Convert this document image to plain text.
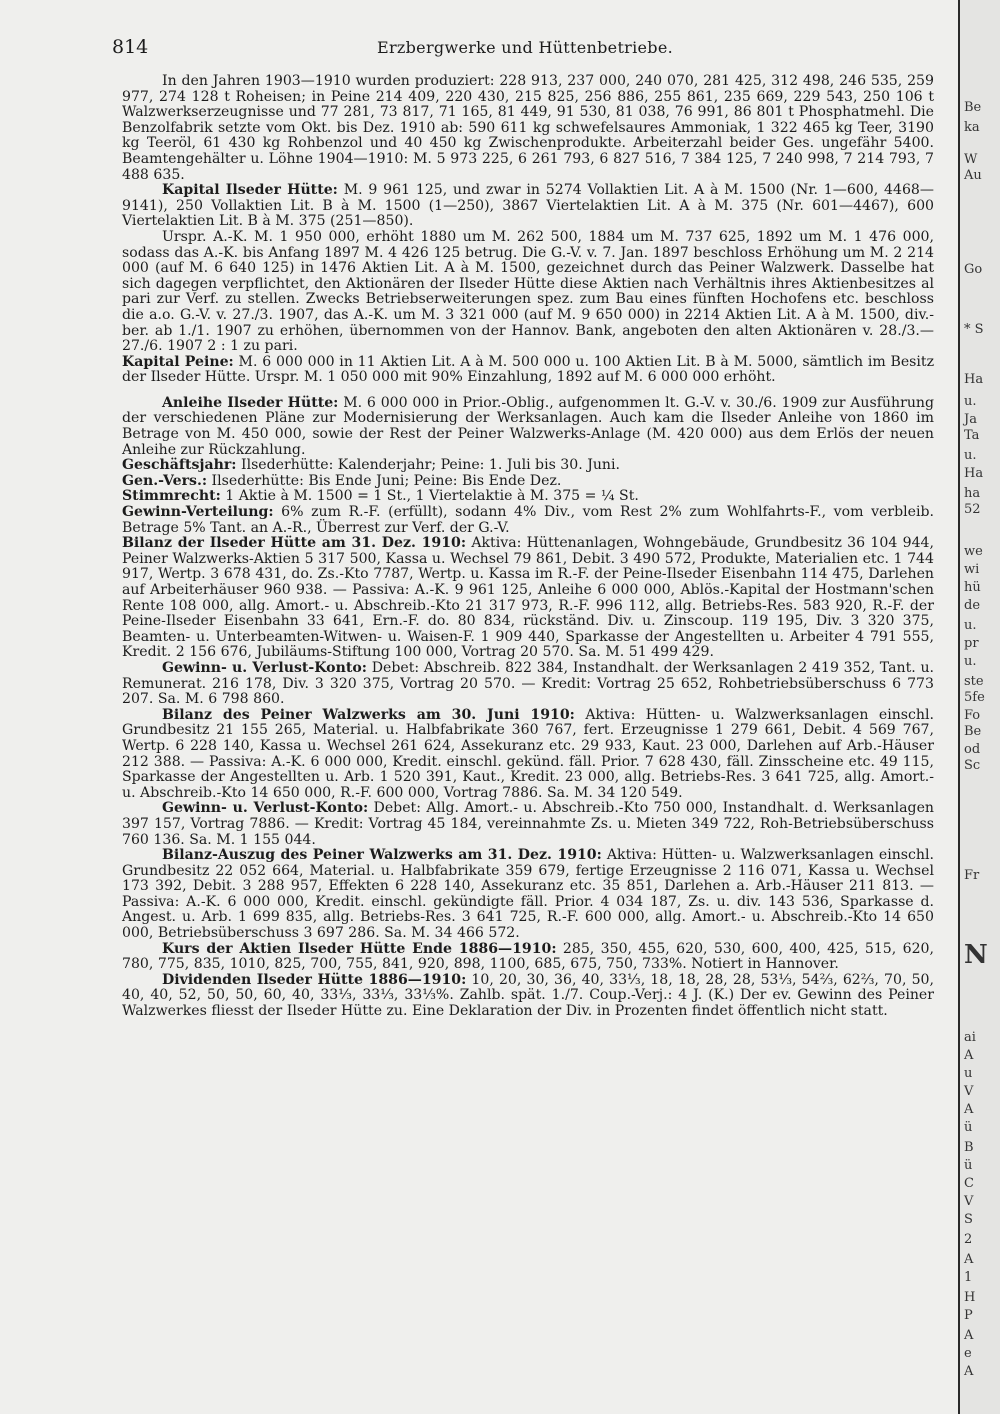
814	Erzbergwerke und Hüttenbetriebe.

In den Jahren 1903—1910 wurden produziert: 228 913, 237 000, 240 070, 281 425, 312 498, 246 535, 259 977, 274 128 t Roheisen; in Peine 214 409, 220 430, 215 825, 256 886, 255 861, 235 669, 229 543, 250 106 t Walzwerkserzeugnisse und 77 281, 73 817, 71 165, 81 449, 91 530, 81 038, 76 991, 86 801 t Phosphatmehl. Die Benzolfabrik setzte vom Okt. bis Dez. 1910 ab: 590 611 kg schwefelsaures Ammoniak, 1 322 465 kg Teer, 3190 kg Teeröl, 61 430 kg Rohbenzol und 40 450 kg Zwischenprodukte. Arbeiterzahl beider Ges. ungefähr 5400. Beamtengehälter u. Löhne 1904—1910: M. 5 973 225, 6 261 793, 6 827 516, 7 384 125, 7 240 998, 7 214 793, 7 488 635.

Kapital Ilseder Hütte: M. 9 961 125, und zwar in 5274 Vollaktien Lit. A à M. 1500 (Nr. 1—600, 4468—9141), 250 Vollaktien Lit. B à M. 1500 (1—250), 3867 Viertelaktien Lit. A à M. 375 (Nr. 601—4467), 600 Viertelaktien Lit. B à M. 375 (251—850).

Urspr. A.-K. M. 1 950 000, erhöht 1880 um M. 262 500, 1884 um M. 737 625, 1892 um M. 1 476 000, sodass das A.-K. bis Anfang 1897 M. 4 426 125 betrug. Die G.-V. v. 7. Jan. 1897 beschloss Erhöhung um M. 2 214 000 (auf M. 6 640 125) in 1476 Aktien Lit. A à M. 1500, gezeichnet durch das Peiner Walzwerk. Dasselbe hat sich dagegen verpflichtet, den Aktionären der Ilseder Hütte diese Aktien nach Verhältnis ihres Aktienbesitzes al pari zur Verf. zu stellen. Zwecks Betriebserweiterungen spez. zum Bau eines fünften Hochofens etc. beschloss die a.o. G.-V. v. 27./3. 1907, das A.-K. um M. 3 321 000 (auf M. 9 650 000) in 2214 Aktien Lit. A à M. 1500, div.-ber. ab 1./1. 1907 zu erhöhen, übernommen von der Hannov. Bank, angeboten den alten Aktionären v. 28./3.—27./6. 1907 2 : 1 zu pari.

Kapital Peine: M. 6 000 000 in 11 Aktien Lit. A à M. 500 000 u. 100 Aktien Lit. B à M. 5000, sämtlich im Besitz der Ilseder Hütte. Urspr. M. 1 050 000 mit 90% Einzahlung, 1892 auf M. 6 000 000 erhöht.

Anleihe Ilseder Hütte: M. 6 000 000 in Prior.-Oblig., aufgenommen lt. G.-V. v. 30./6. 1909 zur Ausführung der verschiedenen Pläne zur Modernisierung der Werksanlagen. Auch kam die Ilseder Anleihe von 1860 im Betrage von M. 450 000, sowie der Rest der Peiner Walzwerks-Anlage (M. 420 000) aus dem Erlös der neuen Anleihe zur Rückzahlung.

Geschäftsjahr: Ilsederhütte: Kalenderjahr; Peine: 1. Juli bis 30. Juni.

Gen.-Vers.: Ilsederhütte: Bis Ende Juni; Peine: Bis Ende Dez.

Stimmrecht: 1 Aktie à M. 1500 = 1 St., 1 Viertelaktie à M. 375 = ¼ St.

Gewinn-Verteilung: 6% zum R.-F. (erfüllt), sodann 4% Div., vom Rest 2% zum Wohlfahrts-F., vom verbleib. Betrage 5% Tant. an A.-R., Überrest zur Verf. der G.-V.

Bilanz der Ilseder Hütte am 31. Dez. 1910: Aktiva: Hüttenanlagen, Wohngebäude, Grundbesitz 36 104 944, Peiner Walzwerks-Aktien 5 317 500, Kassa u. Wechsel 79 861, Debit. 3 490 572, Produkte, Materialien etc. 1 744 917, Wertp. 3 678 431, do. Zs.-Kto 7787, Wertp. u. Kassa im R.-F. der Peine-Ilseder Eisenbahn 114 475, Darlehen auf Arbeiterhäuser 960 938. — Passiva: A.-K. 9 961 125, Anleihe 6 000 000, Ablös.-Kapital der Hostmann'schen Rente 108 000, allg. Amort.- u. Abschreib.-Kto 21 317 973, R.-F. 996 112, allg. Betriebs-Res. 583 920, R.-F. der Peine-Ilseder Eisenbahn 33 641, Ern.-F. do. 80 834, rückständ. Div. u. Zinscoup. 119 195, Div. 3 320 375, Beamten- u. Unterbeamten-Witwen- u. Waisen-F. 1 909 440, Sparkasse der Angestellten u. Arbeiter 4 791 555, Kredit. 2 156 676, Jubiläums-Stiftung 100 000, Vortrag 20 570. Sa. M. 51 499 429.

Gewinn- u. Verlust-Konto: Debet: Abschreib. 822 384, Instandhalt. der Werksanlagen 2 419 352, Tant. u. Remunerat. 216 178, Div. 3 320 375, Vortrag 20 570. — Kredit: Vortrag 25 652, Rohbetriebsüberschuss 6 773 207. Sa. M. 6 798 860.

Bilanz des Peiner Walzwerks am 30. Juni 1910: Aktiva: Hütten- u. Walzwerksanlagen einschl. Grundbesitz 21 155 265, Material. u. Halbfabrikate 360 767, fert. Erzeugnisse 1 279 661, Debit. 4 569 767, Wertp. 6 228 140, Kassa u. Wechsel 261 624, Assekuranz etc. 29 933, Kaut. 23 000, Darlehen auf Arb.-Häuser 212 388. — Passiva: A.-K. 6 000 000, Kredit. einschl. gekünd. fäll. Prior. 7 628 430, fäll. Zinsscheine etc. 49 115, Sparkasse der Angestellten u. Arb. 1 520 391, Kaut., Kredit. 23 000, allg. Betriebs-Res. 3 641 725, allg. Amort.- u. Abschreib.-Kto 14 650 000, R.-F. 600 000, Vortrag 7886. Sa. M. 34 120 549.

Gewinn- u. Verlust-Konto: Debet: Allg. Amort.- u. Abschreib.-Kto 750 000, Instandhalt. d. Werksanlagen 397 157, Vortrag 7886. — Kredit: Vortrag 45 184, vereinnahmte Zs. u. Mieten 349 722, Roh-Betriebsüberschuss 760 136. Sa. M. 1 155 044.

Bilanz-Auszug des Peiner Walzwerks am 31. Dez. 1910: Aktiva: Hütten- u. Walzwerksanlagen einschl. Grundbesitz 22 052 664, Material. u. Halbfabrikate 359 679, fertige Erzeugnisse 2 116 071, Kassa u. Wechsel 173 392, Debit. 3 288 957, Effekten 6 228 140, Assekuranz etc. 35 851, Darlehen a. Arb.-Häuser 211 813. — Passiva: A.-K. 6 000 000, Kredit. einschl. gekündigte fäll. Prior. 4 034 187, Zs. u. div. 143 536, Sparkasse d. Angest. u. Arb. 1 699 835, allg. Betriebs-Res. 3 641 725, R.-F. 600 000, allg. Amort.- u. Abschreib.-Kto 14 650 000, Betriebsüberschuss 3 697 286. Sa. M. 34 466 572.

Kurs der Aktien Ilseder Hütte Ende 1886—1910: 285, 350, 455, 620, 530, 600, 400, 425, 515, 620, 780, 775, 835, 1010, 825, 700, 755, 841, 920, 898, 1100, 685, 675, 750, 733%. Notiert in Hannover.

Dividenden Ilseder Hütte 1886—1910: 10, 20, 30, 36, 40, 33⅓, 18, 18, 28, 28, 53⅓, 54⅔, 62⅔, 70, 50, 40, 40, 52, 50, 50, 60, 40, 33⅓, 33⅓, 33⅓%. Zahlb. spät. 1./7. Coup.-Verj.: 4 J. (K.) Der ev. Gewinn des Peiner Walzwerkes fliesst der Ilseder Hütte zu. Eine Deklaration der Div. in Prozenten findet öffentlich nicht statt.

Be
ka
W
Au
Go
* S
Ha
u.
Ja
Ta
u.
Ha
ha
52
we
wi
hü
de
u.
pr
u.
ste
5fe
Fo
Be
od
Sc
Fr
N
ai
A
u
V
A
ü
B
ü
C
V
S
2
A
1
H
P
A
e
A
